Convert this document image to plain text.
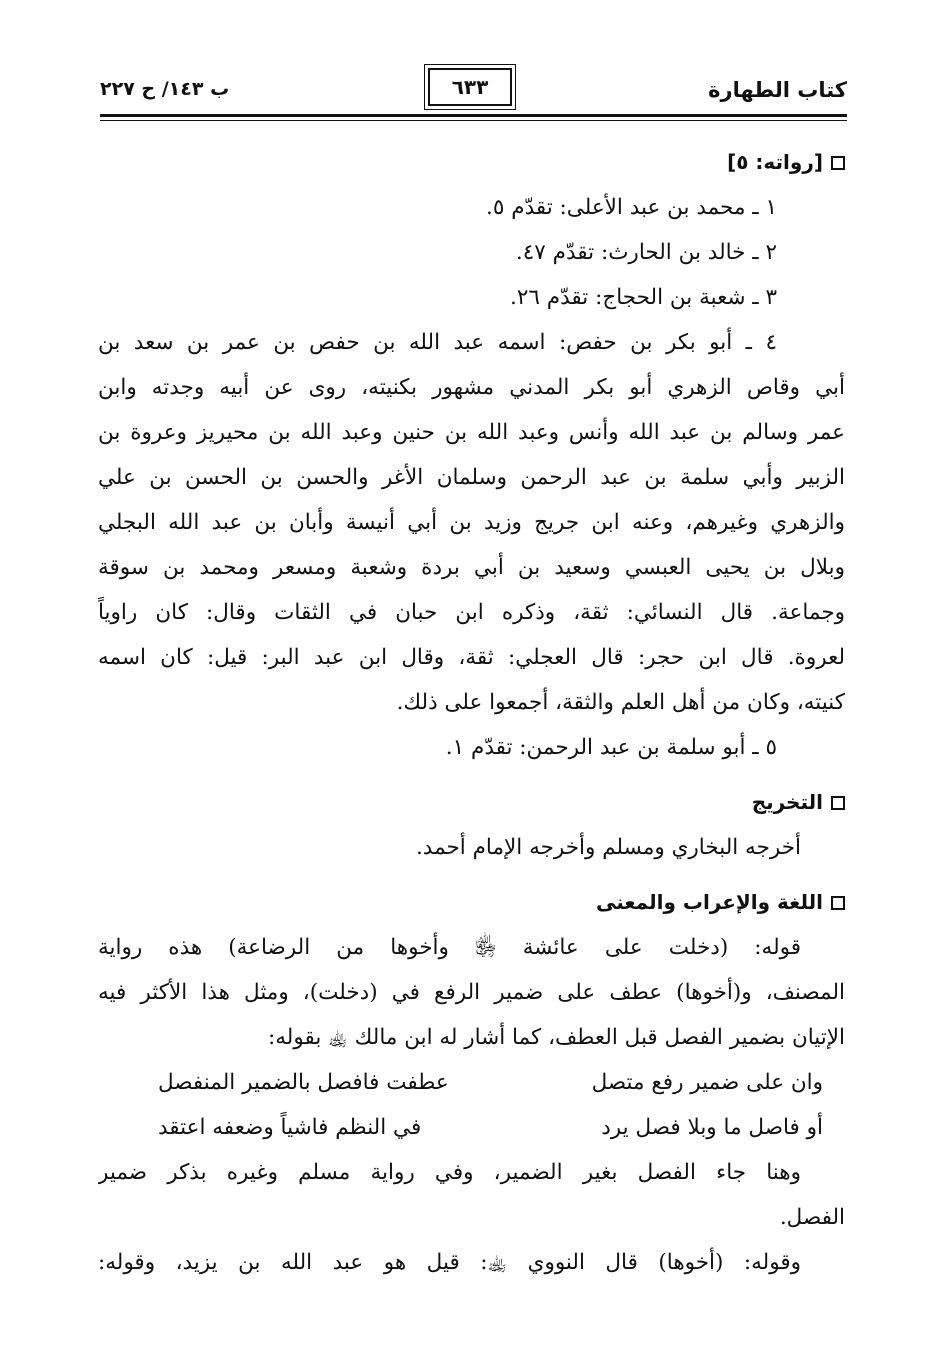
كتاب الطهارة
٦٣٣
ب ١٤٣/ ح ٢٢٧
[رواته: ٥]
١ ـ محمد بن عبد الأعلى: تقدّم ٥.
٢ ـ خالد بن الحارث: تقدّم ٤٧.
٣ ـ شعبة بن الحجاج: تقدّم ٢٦.
٤ ـ أبو بكر بن حفص: اسمه عبد الله بن حفص بن عمر بن سعد بن
أبي وقاص الزهري أبو بكر المدني مشهور بكنيته، روى عن أبيه وجدته وابن
عمر وسالم بن عبد الله وأنس وعبد الله بن حنين وعبد الله بن محيريز وعروة بن
الزبير وأبي سلمة بن عبد الرحمن وسلمان الأغر والحسن بن الحسن بن علي
والزهري وغيرهم، وعنه ابن جريج وزيد بن أبي أنيسة وأبان بن عبد الله البجلي
وبلال بن يحيى العبسي وسعيد بن أبي بردة وشعبة ومسعر ومحمد بن سوقة
وجماعة. قال النسائي: ثقة، وذكره ابن حبان في الثقات وقال: كان راوياً
لعروة. قال ابن حجر: قال العجلي: ثقة، وقال ابن عبد البر: قيل: كان اسمه
كنيته، وكان من أهل العلم والثقة، أجمعوا على ذلك.
٥ ـ أبو سلمة بن عبد الرحمن: تقدّم ١.
التخريج
أخرجه البخاري ومسلم وأخرجه الإمام أحمد.
اللغة والإعراب والمعنى
قوله: (دخلت على عائشة ﵂ وأخوها من الرضاعة) هذه رواية
المصنف، و(أخوها) عطف على ضمير الرفع في (دخلت)، ومثل هذا الأكثر فيه
الإتيان بضمير الفصل قبل العطف، كما أشار له ابن مالك ﵀ بقوله:
وان على ضمير رفع متصل
عطفت فافصل بالضمير المنفصل
أو فاصل ما وبلا فصل يرد
في النظم فاشياً وضعفه اعتقد
وهنا جاء الفصل بغير الضمير، وفي رواية مسلم وغيره بذكر ضمير
الفصل.
وقوله: (أخوها) قال النووي ﵀: قيل هو عبد الله بن يزيد، وقوله:
